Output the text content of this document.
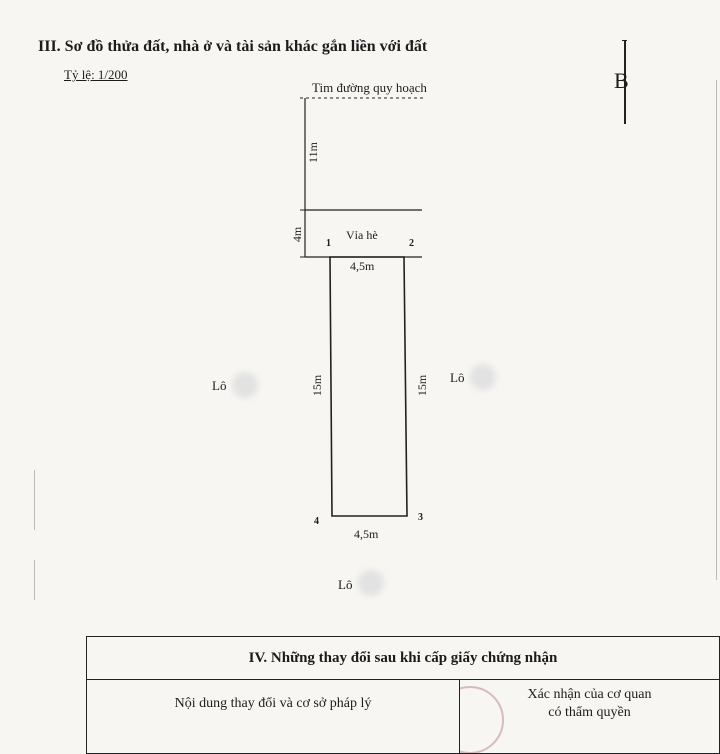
III. Sơ đồ thửa đất, nhà ở và tài sản khác gắn liền với đất
Tỷ lệ: 1/200	B
Tim đường quy hoạch
11m
4m	Vỉa hè
1	2
3
4
4,5m
4,5m
15m	15m
Lô
Lô
Lô
IV. Những thay đổi sau khi cấp giấy chứng nhận
Nội dung thay đổi và cơ sở pháp lý	
Xác nhận của cơ quan
có thẩm quyền
